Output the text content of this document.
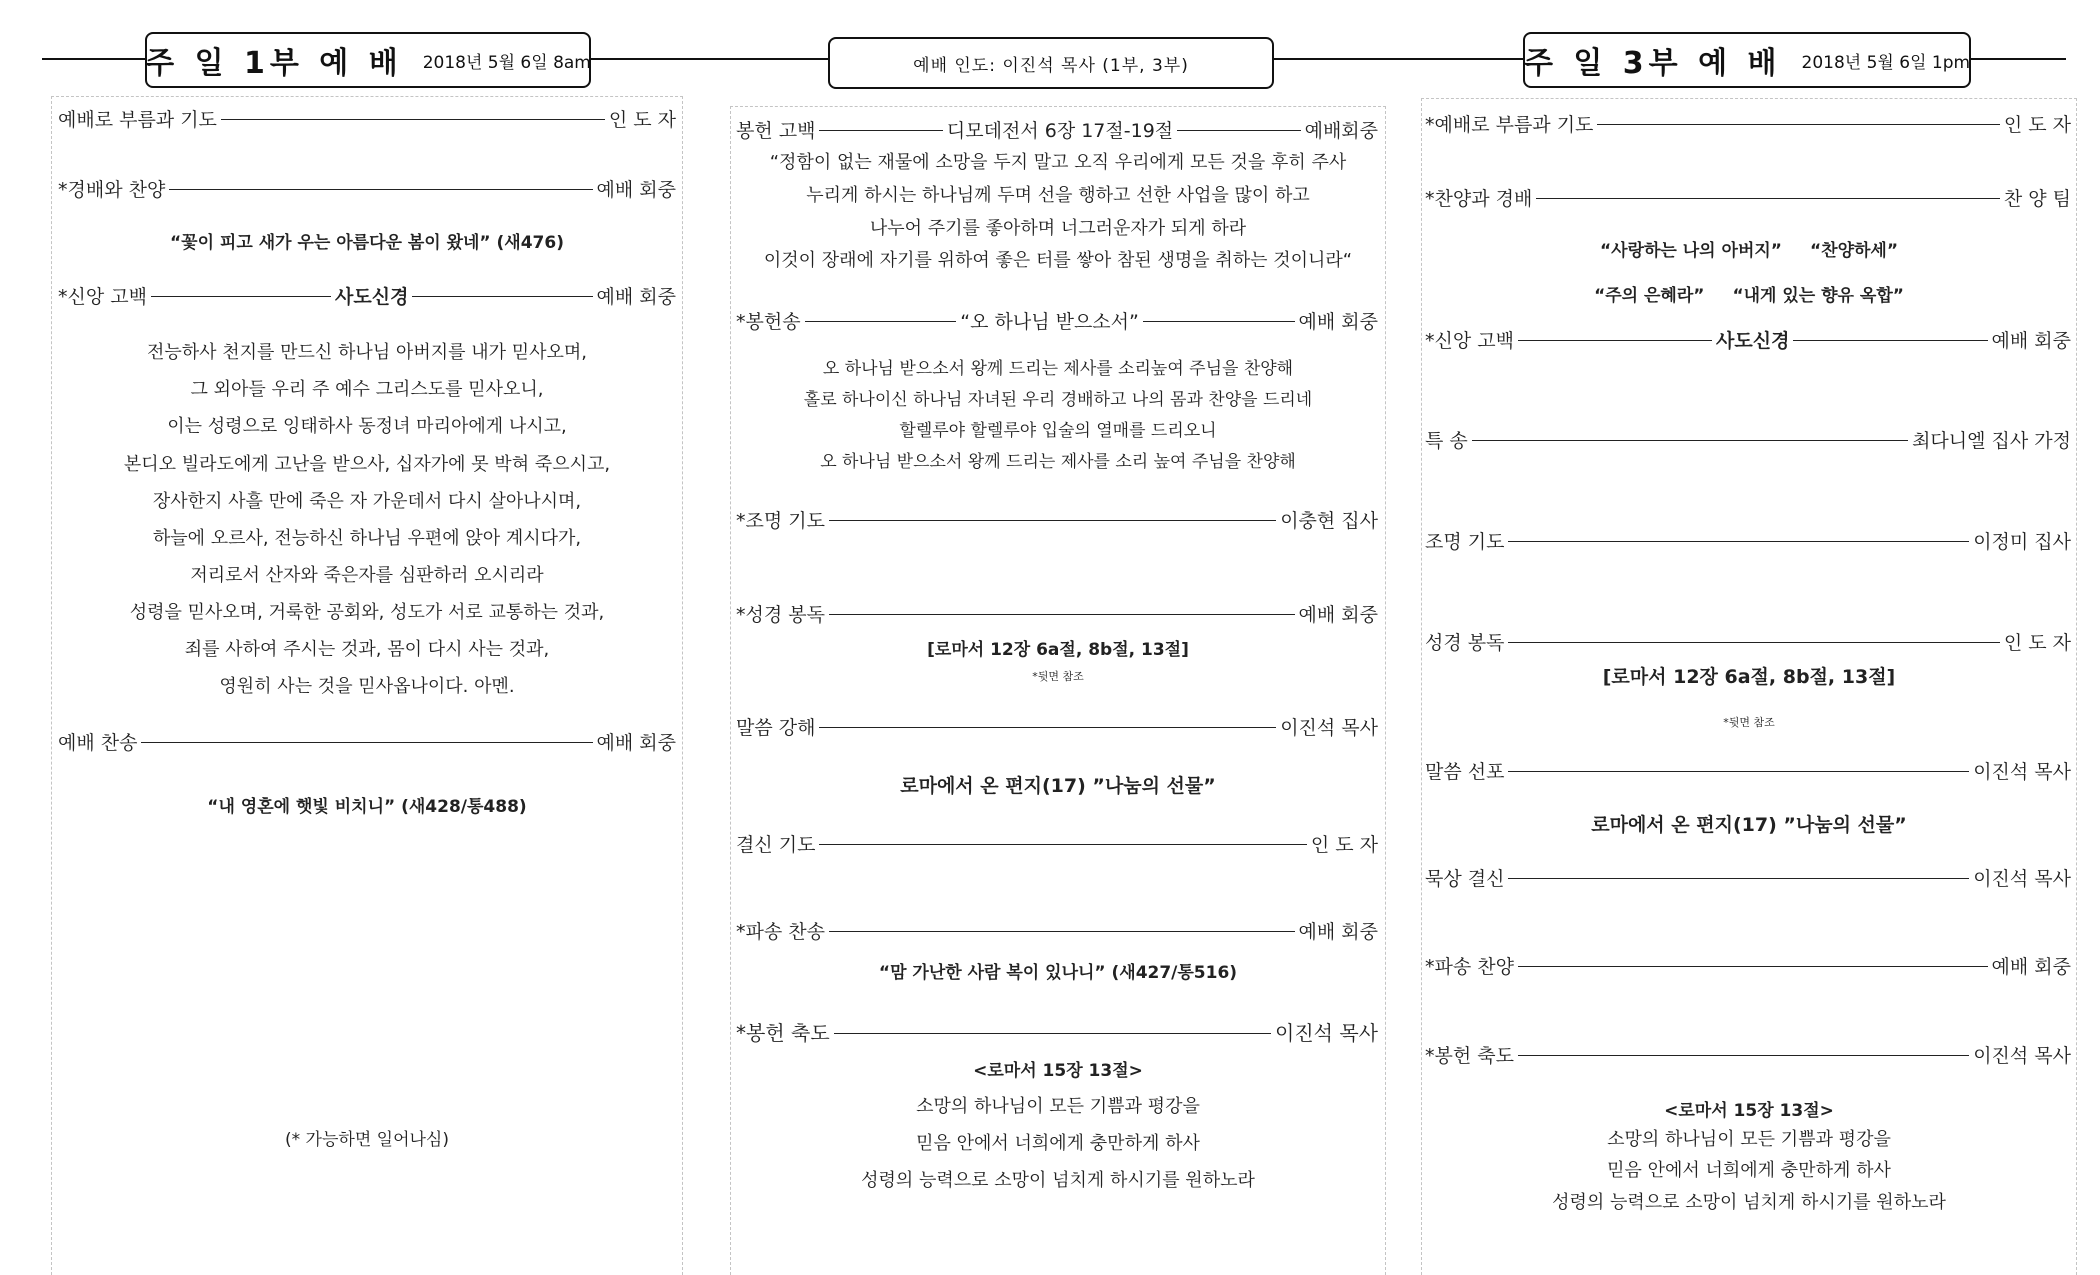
주 일 1부 예 배 2018년 5월 6일 8am	예배 인도: 이진석 목사 (1부, 3부)	주 일 3부 예 배 2018년 5월 6일 1pm
예배로 부름과 기도	인 도 자
*경배와 찬양	예배 회중
“꽃이 피고 새가 우는 아름다운 봄이 왔네” (새476)
*신앙 고백	사도신경	예배 회중
전능하사 천지를 만드신 하나님 아버지를 내가 믿사오며,
그 외아들 우리 주 예수 그리스도를 믿사오니,
이는 성령으로 잉태하사 동정녀 마리아에게 나시고,
본디오 빌라도에게 고난을 받으사, 십자가에 못 박혀 죽으시고,
장사한지 사흘 만에 죽은 자 가운데서 다시 살아나시며,
하늘에 오르사, 전능하신 하나님 우편에 앉아 계시다가,
저리로서 산자와 죽은자를 심판하러 오시리라
성령을 믿사오며, 거룩한 공회와, 성도가 서로 교통하는 것과,
죄를 사하여 주시는 것과, 몸이 다시 사는 것과,
영원히 사는 것을 믿사옵나이다. 아멘.
예배 찬송	예배 회중
“내 영혼에 햇빛 비치니” (새428/통488)
(* 가능하면 일어나심)
봉헌 고백	디모데전서 6장 17절-19절	예배회중
“정함이 없는 재물에 소망을 두지 말고 오직 우리에게 모든 것을 후히 주사
누리게 하시는 하나님께 두며 선을 행하고 선한 사업을 많이 하고
나누어 주기를 좋아하며 너그러운자가 되게 하라
이것이 장래에 자기를 위하여 좋은 터를 쌓아 참된 생명을 취하는 것이니라“
*봉헌송	“오 하나님 받으소서”	예배 회중
오 하나님 받으소서 왕께 드리는 제사를 소리높여 주님을 찬양해
홀로 하나이신 하나님 자녀된 우리 경배하고 나의 몸과 찬양을 드리네
할렐루야 할렐루야 입술의 열매를 드리오니
오 하나님 받으소서 왕께 드리는 제사를 소리 높여 주님을 찬양해
*조명 기도	이충현 집사
*성경 봉독	예배 회중
[로마서 12장 6a절, 8b절, 13절]
*뒷면 참조
말씀 강해	이진석 목사
로마에서 온 편지(17) ”나눔의 선물”
결신 기도	인 도 자
*파송 찬송	예배 회중
“맘 가난한 사람 복이 있나니” (새427/통516)
*봉헌 축도	이진석 목사
<로마서 15장 13절>
소망의 하나님이 모든 기쁨과 평강을
믿음 안에서 너희에게 충만하게 하사
성령의 능력으로 소망이 넘치게 하시기를 원하노라
*예배로 부름과 기도	인 도 자
*찬양과 경배	찬 양 팀
“사랑하는 나의 아버지” “찬양하세”
“주의 은혜라” “내게 있는 향유 옥합”
*신앙 고백	사도신경	예배 회중
특 송	최다니엘 집사 가정
조명 기도	이정미 집사
성경 봉독	인 도 자
[로마서 12장 6a절, 8b절, 13절]
*뒷면 참조
말씀 선포	이진석 목사
로마에서 온 편지(17) ”나눔의 선물”
묵상 결신	이진석 목사
*파송 찬양	예배 회중
*봉헌 축도	이진석 목사
<로마서 15장 13절>
소망의 하나님이 모든 기쁨과 평강을
믿음 안에서 너희에게 충만하게 하사
성령의 능력으로 소망이 넘치게 하시기를 원하노라
